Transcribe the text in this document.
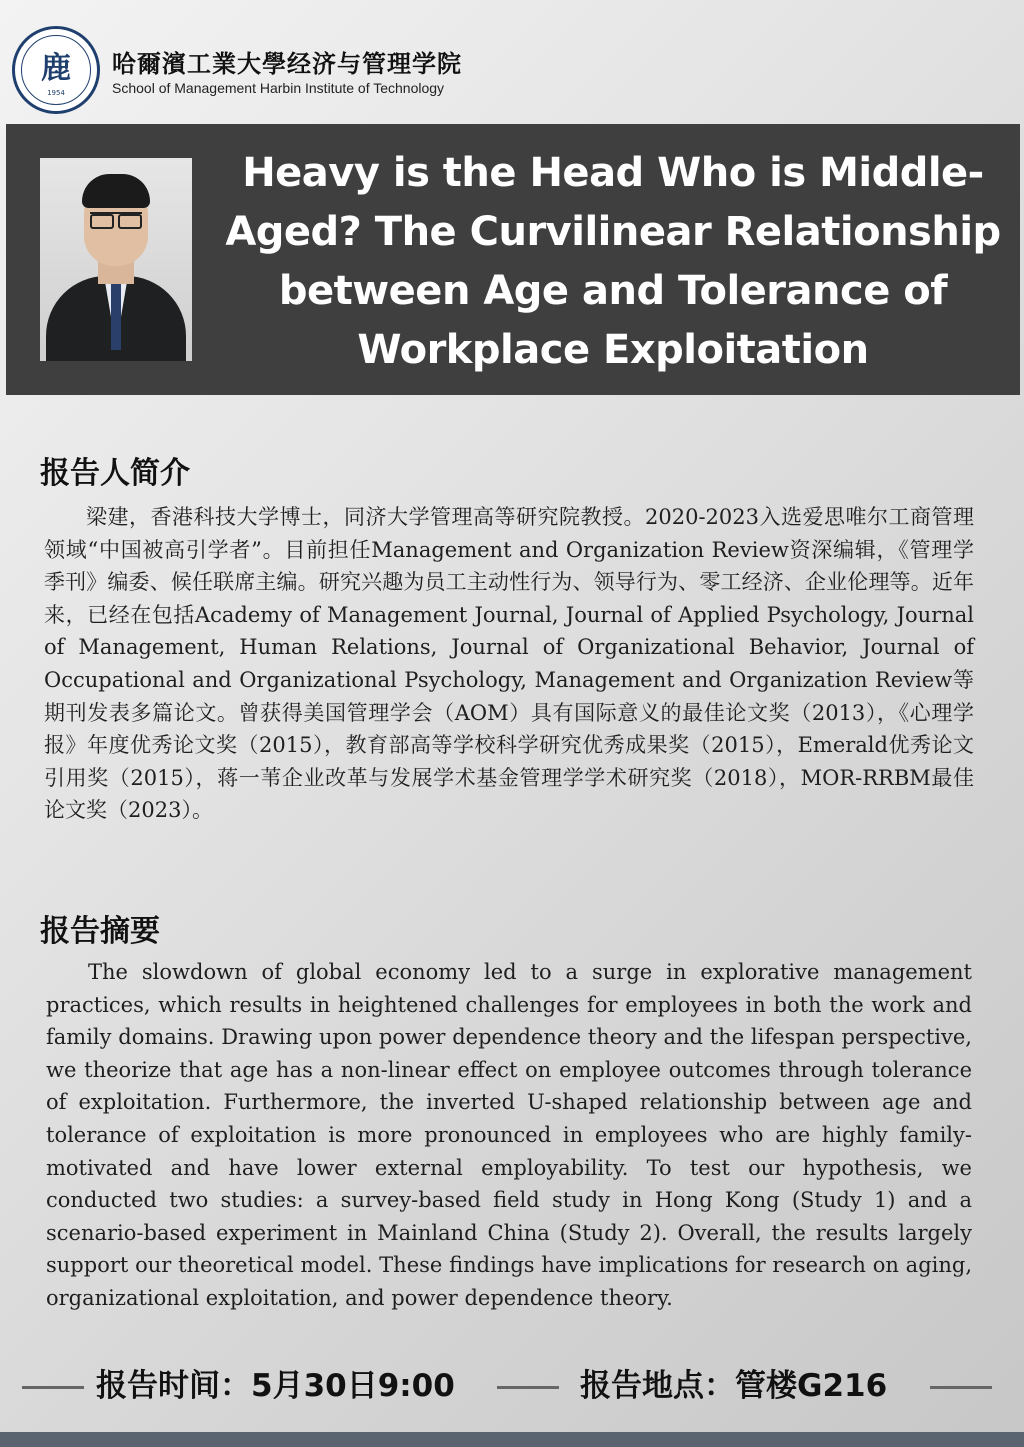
鹿
1954
哈爾濱工業大學经济与管理学院
School of Management Harbin Institute of Technology
Heavy is the Head Who is Middle-Aged? The Curvilinear Relationship between Age and Tolerance of Workplace Exploitation
报告人简介

梁建，香港科技大学博士，同济大学管理高等研究院教授。2020-2023入选爱思唯尔工商管理领域“中国被高引学者”。目前担任Management and Organization Review资深编辑，《管理学季刊》编委、候任联席主编。研究兴趣为员工主动性行为、领导行为、零工经济、企业伦理等。近年来，已经在包括Academy of Management Journal, Journal of Applied Psychology, Journal of Management, Human Relations, Journal of Organizational Behavior, Journal of Occupational and Organizational Psychology, Management and Organization Review等期刊发表多篇论文。曾获得美国管理学会（AOM）具有国际意义的最佳论文奖（2013），《心理学报》年度优秀论文奖（2015），教育部高等学校科学研究优秀成果奖（2015），Emerald优秀论文引用奖（2015），蒋一苇企业改革与发展学术基金管理学学术研究奖（2018），MOR-RRBM最佳论文奖（2023）。

报告摘要

The slowdown of global economy led to a surge in explorative management practices, which results in heightened challenges for employees in both the work and family domains. Drawing upon power dependence theory and the lifespan perspective, we theorize that age has a non-linear effect on employee outcomes through tolerance of exploitation. Furthermore, the inverted U-shaped relationship between age and tolerance of exploitation is more pronounced in employees who are highly family-motivated and have lower external employability. To test our hypothesis, we conducted two studies: a survey-based field study in Hong Kong (Study 1) and a scenario-based experiment in Mainland China (Study 2). Overall, the results largely support our theoretical model. These findings have implications for research on aging, organizational exploitation, and power dependence theory.

报告时间：5月30日9:00	报告地点：管楼G216
